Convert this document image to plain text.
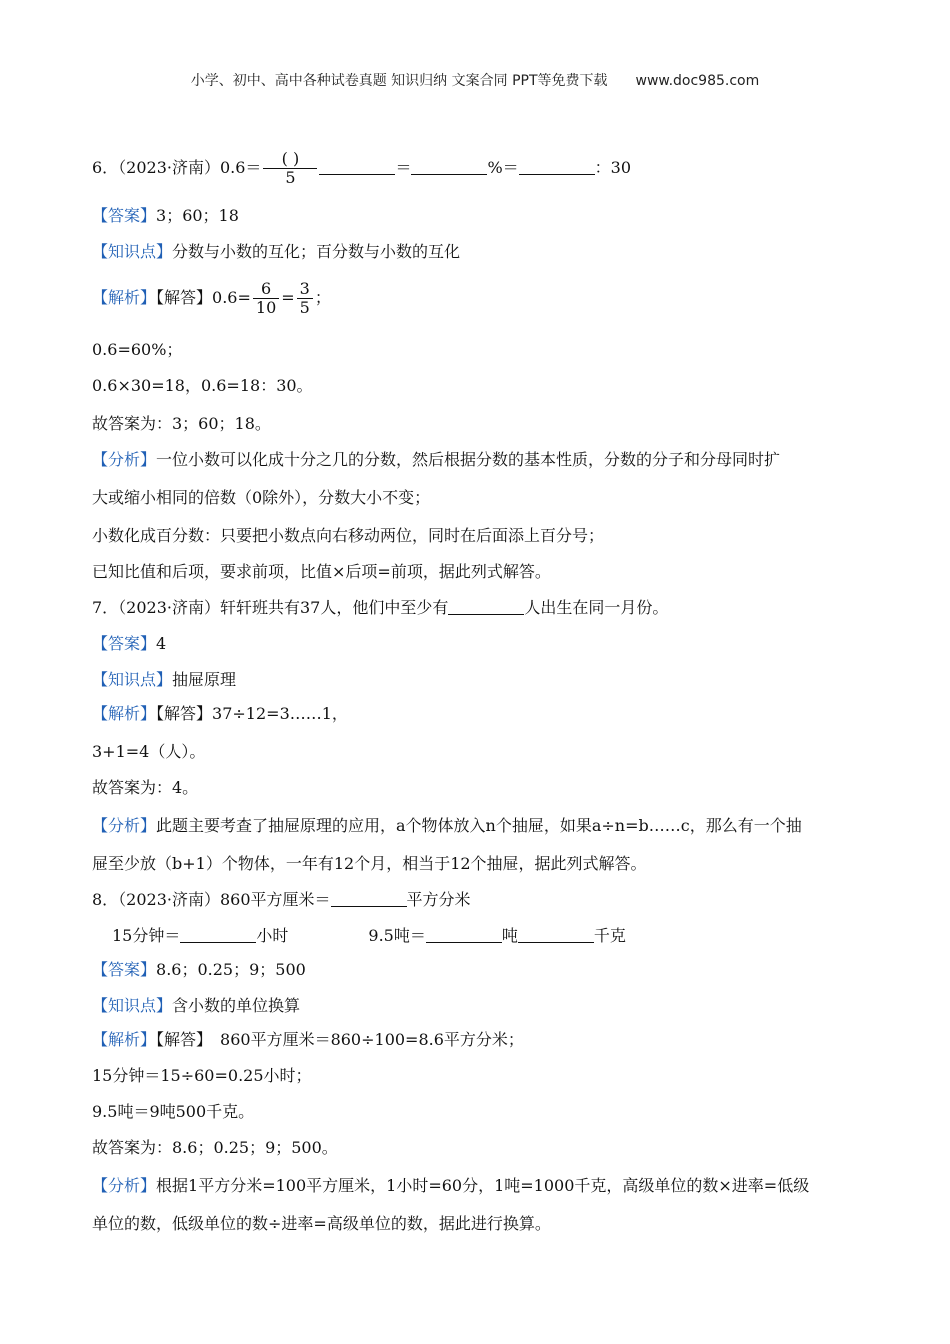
小学、初中、高中各种试卷真题 知识归纳 文案合同 PPT等免费下载　　www.doc985.com
6．（2023·济南）$0.6= \frac{( )}{5}$	＝	%＝	：30
【答案】3；60；18
【知识点】分数与小数的互化；百分数与小数的互化
【解析】【解答】$0.6= \frac{6}{10} = \frac{3}{5}$ ；
0.6=60%；
0.6×30=18，0.6=18：30。
故答案为：3；60；18。
【分析】一位小数可以化成十分之几的分数，然后根据分数的基本性质，分数的分子和分母同时扩
大或缩小相同的倍数（0除外），分数大小不变；
小数化成百分数：只要把小数点向右移动两位，同时在后面添上百分号；
已知比值和后项，要求前项，比值×后项=前项，据此列式解答。
7．（2023·济南）轩轩班共有37人，他们中至少有	人出生在同一月份。
【答案】4
【知识点】抽屉原理
【解析】【解答】37÷12=3……1，
3+1=4（人）。
故答案为：4。
【分析】此题主要考查了抽屉原理的应用，a个物体放入n个抽屉，如果a÷n=b……c，那么有一个抽
屉至少放（b+1）个物体，一年有12个月，相当于12个抽屉，据此列式解答。
8．（2023·济南）860平方厘米＝	平方分米
15分钟＝	小时	9.5吨＝	吨	千克
【答案】8.6；0.25；9；500
【知识点】含小数的单位换算
【解析】【解答】　860平方厘米＝860÷100=8.6平方分米；
15分钟＝15÷60=0.25小时；
9.5吨＝9吨500千克。
故答案为：8.6；0.25；9；500。
【分析】根据1平方分米=100平方厘米，1小时=60分，1吨=1000千克，高级单位的数×进率=低级
单位的数，低级单位的数÷进率=高级单位的数，据此进行换算。
